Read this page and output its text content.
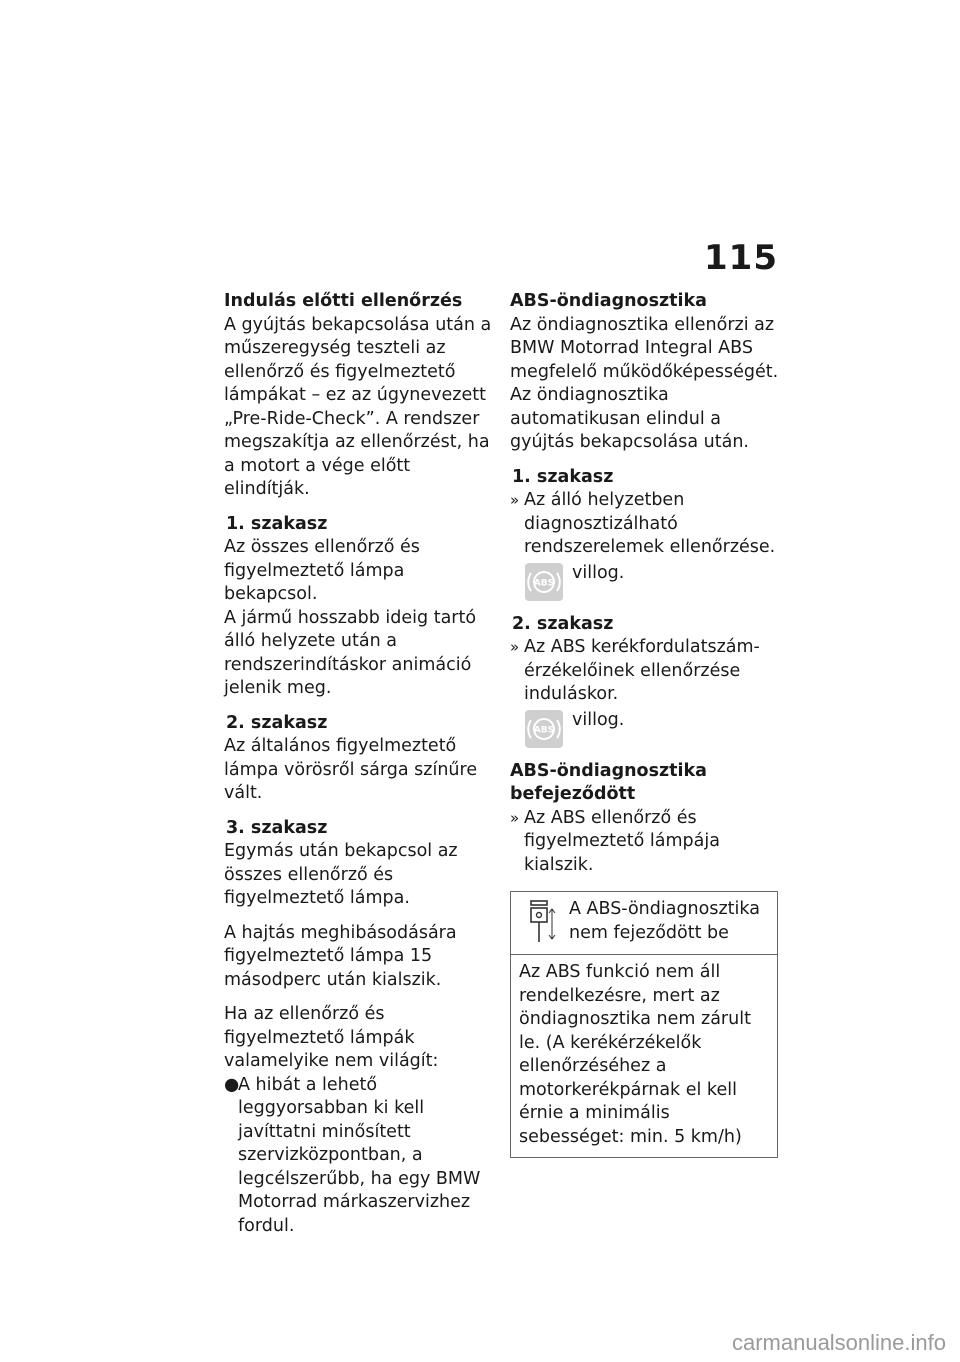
115

Indulás előtti ellenőrzés

A gyújtás bekapcsolása után a műszeregység teszteli az ellenőrző és figyelmeztető lámpákat – ez az úgynevezett „Pre-Ride-Check”. A rendszer megszakítja az ellenőrzést, ha a motort a vége előtt elindítják.

1. szakasz

Az összes ellenőrző és figyelmeztető lámpa bekapcsol.

A jármű hosszabb ideig tartó álló helyzete után a rendszerindításkor animáció jelenik meg.

2. szakasz

Az általános figyelmeztető lámpa vörösről sárga színűre vált.

3. szakasz

Egymás után bekapcsol az összes ellenőrző és figyelmeztető lámpa.

A hajtás meghibásodására figyelmeztető lámpa 15 másodperc után kialszik.

Ha az ellenőrző és figyelmeztető lámpák valamelyike nem világít:

●
A hibát a lehető leggyorsabban ki kell javíttatni minősített szervizközpontban, a legcélszerűbb, ha egy BMW Motorrad márkaszervizhez fordul.

ABS-öndiagnosztika

Az öndiagnosztika ellenőrzi az BMW Motorrad Integral ABS megfelelő működőképességét. Az öndiagnosztika automatikusan elindul a gyújtás bekapcsolása után.

1. szakasz

» Az álló helyzetben diagnosztizálható rendszerelemek ellenőrzése.
ABS
villog.

2. szakasz

» Az ABS kerékfordulatszám-érzékelőinek ellenőrzése induláskor.
ABS
villog.

ABS-öndiagnosztika befejeződött

» Az ABS ellenőrző és figyelmeztető lámpája kialszik.
A ABS-öndiagnosztika nem fejeződött be
Az ABS funkció nem áll rendelkezésre, mert az öndiagnosztika nem zárult le. (A kerékérzékelők ellenőrzéséhez a motorkerékpárnak el kell érnie a minimális sebességet: min. 5 km/h)
carmanualsonline.info
